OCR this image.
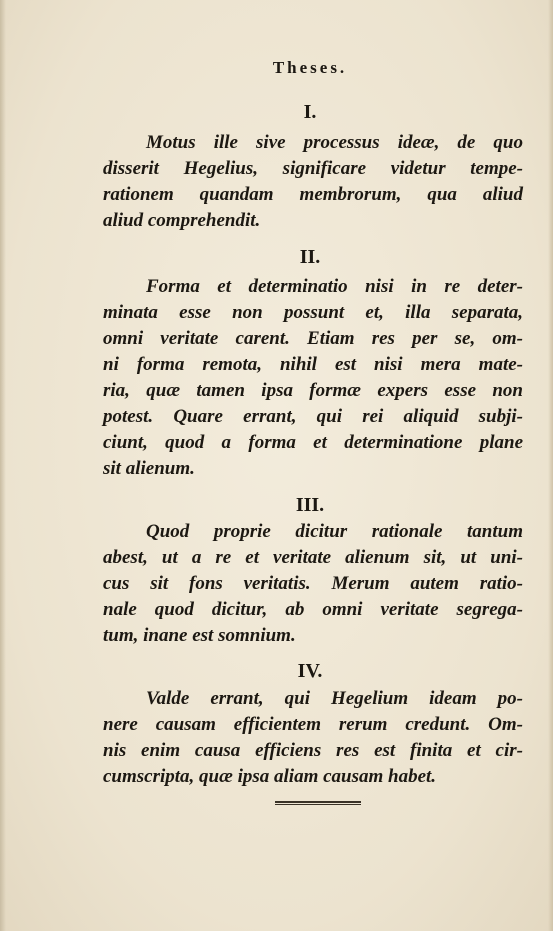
Theses.
I.

Motus ille sive processus ideæ, de quo
disserit Hegelius, significare videtur tempe-
rationem quandam membrorum, qua aliud
aliud comprehendit.

II.

Forma et determinatio nisi in re deter-
minata esse non possunt et, illa separata,
omni veritate carent. Etiam res per se, om-
ni forma remota, nihil est nisi mera mate-
ria, quæ tamen ipsa formæ expers esse non
potest. Quare errant, qui rei aliquid subji-
ciunt, quod a forma et determinatione plane
sit alienum.

III.

Quod proprie dicitur rationale tantum
abest, ut a re et veritate alienum sit, ut uni-
cus sit fons veritatis. Merum autem ratio-
nale quod dicitur, ab omni veritate segrega-
tum, inane est somnium.

IV.

Valde errant, qui Hegelium ideam po-
nere causam efficientem rerum credunt. Om-
nis enim causa efficiens res est finita et cir-
cumscripta, quæ ipsa aliam causam habet.
